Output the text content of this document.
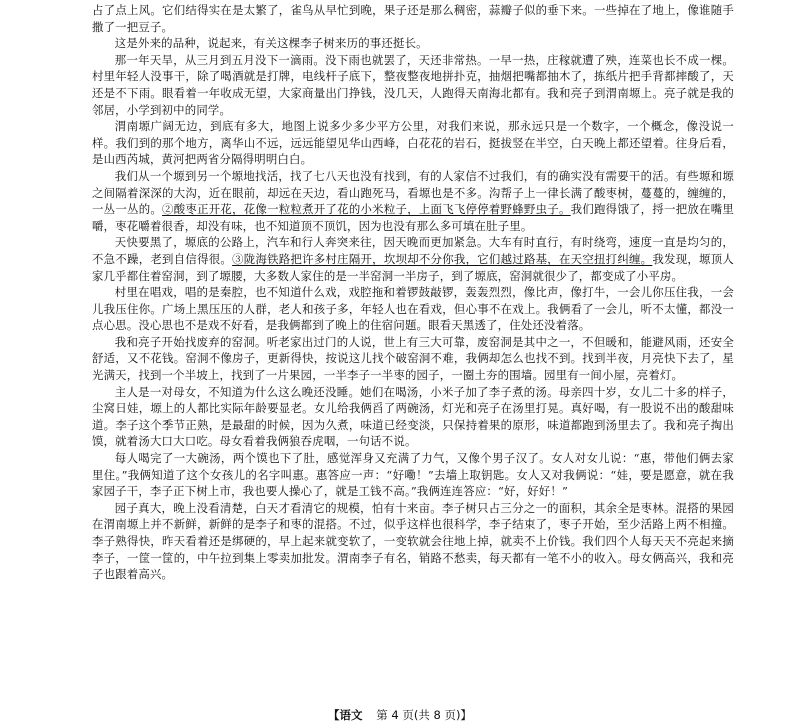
占了点上风。它们结得实在是太繁了，雀鸟从早忙到晚，果子还是那么稠密，蒜瓣子似的垂下来。一些掉在了地上，像谁随手撒了一把豆子。

这是外来的品种，说起来，有关这棵李子树来历的事还挺长。

那一年天旱，从三月到五月没下一滴雨。没下雨也就罢了，天还非常热。一早一热，庄稼就遭了殃，连菜也长不成一棵。村里年轻人没事干，除了喝酒就是打牌，电线杆子底下，整夜整夜地拼扑克，抽烟把嘴都抽木了，拣纸片把手背都摔酸了，天还是不下雨。眼看着一年收成无望，大家商量出门挣钱，没几天，人跑得天南海北都有。我和亮子到渭南塬上。亮子就是我的邻居，小学到初中的同学。

渭南塬广阔无边，到底有多大，地图上说多少多少平方公里，对我们来说，那永远只是一个数字，一个概念，像没说一样。我们到的那个地方，离华山不远，远远能望见华山西峰，白花花的岩石，挺拔竖在半空，白天晚上都还望着。往身后看，是山西芮城，黄河把两省分隔得明明白白。

我们从一个塬到另一个塬地找活，找了七八天也没有找到，有的人家信不过我们，有的确实没有需要干的活。有些塬和塬之间隔着深深的大沟，近在眼前，却远在天边，看山跑死马，看塬也是不多。沟帮子上一律长满了酸枣树，蔓蔓的，缠缠的，一丛一丛的。②酸枣正开花，花像一粒粒煮开了花的小米粒子，上面飞飞停停着野蜂野虫子。我们跑得饿了，捋一把放在嘴里嚼，枣花嚼着很香，却没有味，也不知道顶不顶饥，因为也没有那么多可填在肚子里。

天快要黑了，塬底的公路上，汽车和行人奔突来往，因天晚而更加紧急。大车有时直行，有时绕弯，速度一直是均匀的，不急不躁，老到自信得很。③陇海铁路把许多村庄隔开，坎坝却不分你我，它们越过路基，在天空扭打纠缠。我发现，塬顶人家几乎都住着窑洞，到了塬腰，大多数人家住的是一半窑洞一半房子，到了塬底，窑洞就很少了，都变成了小平房。

村里在唱戏，唱的是秦腔，也不知道什么戏，戏腔拖和着锣鼓敲锣，轰轰烈烈，像比声，像打牛，一会儿你压住我，一会儿我压住你。广场上黑压压的人群，老人和孩子多，年轻人也在看戏，但心事不在戏上。我俩看了一会儿，听不太懂，都没一点心思。没心思也不是戏不好看，是我俩都到了晚上的住宿问题。眼看天黑透了，住处还没着落。

我和亮子开始找废弃的窑洞。听老家出过门的人说，世上有三大可靠，废窑洞是其中之一，不但暖和，能避风雨，还安全舒适，又不花钱。窑洞不像房子，更新得快，按说这儿找个破窑洞不难，我俩却怎么也找不到。找到半夜，月亮快下去了，星光满天，找到一个半坡上，找到了一片果园，一半李子一半枣的园子，一圈土夯的围墙。园里有一间小屋，亮着灯。

主人是一对母女，不知道为什么这么晚还没睡。她们在喝汤，小米子加了李子煮的汤。母亲四十岁，女儿二十多的样子，尘窝日娃，塬上的人都比实际年龄要显老。女儿给我俩舀了两碗汤，灯光和亮子在汤里打晃。真好喝，有一股说不出的酸甜味道。李子这个季节正熟，是最甜的时候，因为久煮，味道已经变淡，只保持着果的原形，味道都跑到汤里去了。我和亮子掏出馍，就着汤大口大口吃。母女看着我俩狼吞虎咽，一句话不说。

每人喝完了一大碗汤，两个馍也下了肚，感觉浑身又充满了力气，又像个男子汉了。女人对女儿说：“惠，带他们俩去家里住。”我俩知道了这个女孩儿的名字叫惠。惠答应一声：“好嘞！”去墙上取钥匙。女人又对我俩说：“娃，要是愿意，就在我家园子干，李子正下树上市，我也要人操心了，就是工钱不高。”我俩连连答应：“好，好好！”

园子真大，晚上没看清楚，白天才看清它的规模，怕有十来亩。李子树只占三分之一的面积，其余全是枣林。混搭的果园在渭南塬上并不新鲜，新鲜的是李子和枣的混搭。不过，似乎这样也很科学，李子结束了，枣子开始，至少活路上两不相撞。李子熟得快，昨天看着还是绑硬的，早上起来就变软了，一变软就会往地上掉，就卖不上价钱。我们四个人每天天不亮起来摘李子，一筐一筐的，中午拉到集上零卖加批发。渭南李子有名，销路不愁卖，每天都有一笔不小的收入。母女俩高兴，我和亮子也跟着高兴。

【语文 第 4 页(共 8 页)】
